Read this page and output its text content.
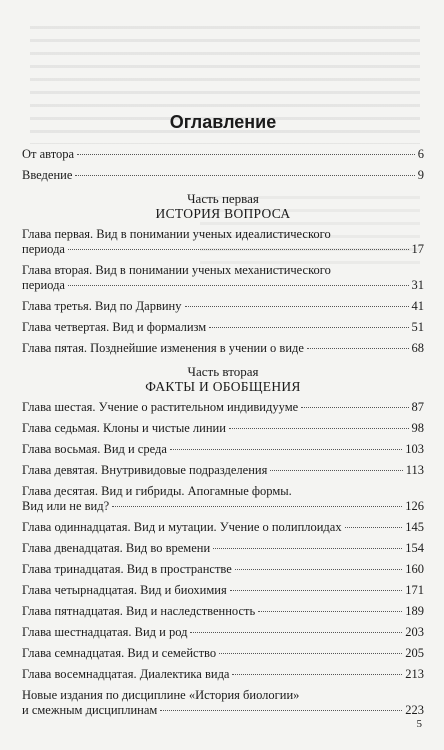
Оглавление
От автора	6
Введение	9
Часть первая
ИСТОРИЯ ВОПРОСА
Глава первая. Вид в понимании ученых идеалистического
периода	17
Глава вторая. Вид в понимании ученых механистического
периода	31
Глава третья. Вид по Дарвину	41
Глава четвертая. Вид и формализм	51
Глава пятая. Позднейшие изменения в учении о виде	68
Часть вторая
ФАКТЫ И ОБОБЩЕНИЯ
Глава шестая. Учение о растительном индивидууме	87
Глава седьмая. Клоны и чистые линии	98
Глава восьмая. Вид и среда	103
Глава девятая. Внутривидовые подразделения	113
Глава десятая. Вид и гибриды. Апогамные формы.
Вид или не вид?	126
Глава одиннадцатая. Вид и мутации. Учение о полиплоидах	145
Глава двенадцатая. Вид во времени	154
Глава тринадцатая. Вид в пространстве	160
Глава четырнадцатая. Вид и биохимия	171
Глава пятнадцатая. Вид и наследственность	189
Глава шестнадцатая. Вид и род	203
Глава семнадцатая. Вид и семейство	205
Глава восемнадцатая. Диалектика вида	213
Новые издания по дисциплине «История биологии»
и смежным дисциплинам	223
5
